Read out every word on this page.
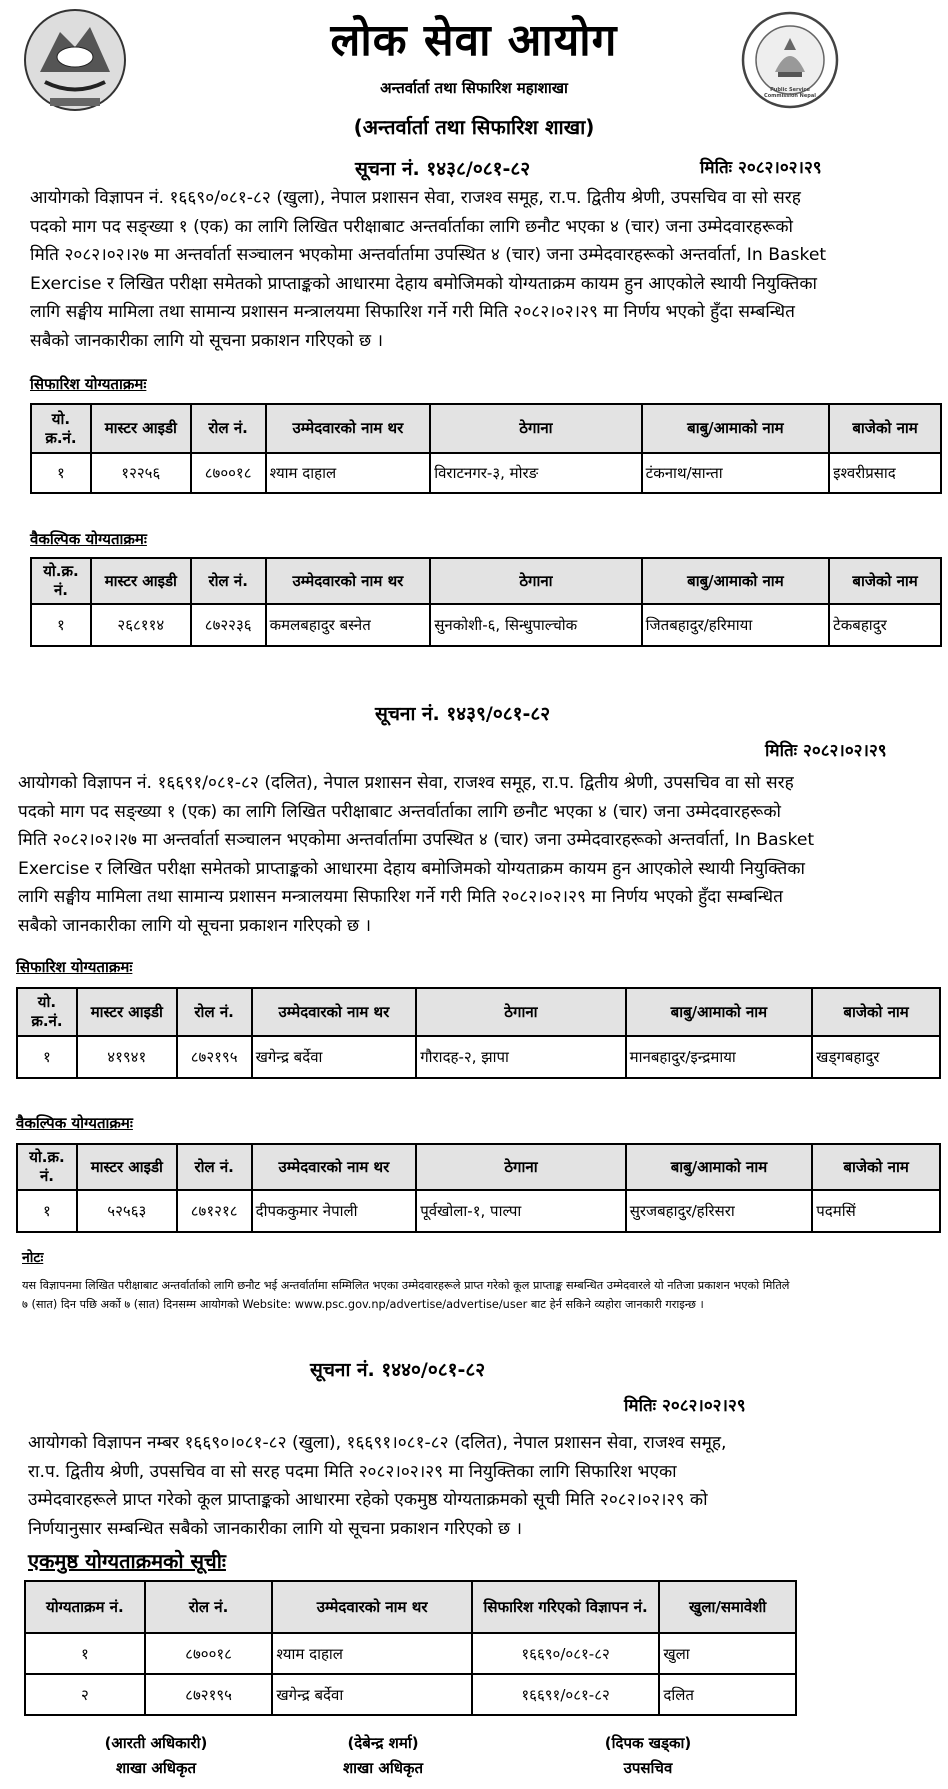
लोक सेवा आयोग
अन्तर्वार्ता तथा सिफारिश महाशाखा
(अन्तर्वार्ता तथा सिफारिश शाखा)
Public Service Commission Nepal
सूचना नं. १४३८/०८१-८२	मितिः २०८२।०२।२९

आयोगको विज्ञापन नं. १६६९०/०८१-८२ (खुला), नेपाल प्रशासन सेवा, राजश्व समूह, रा.प. द्वितीय श्रेणी, उपसचिव वा सो सरह

पदको माग पद सङ्ख्या १ (एक) का लागि लिखित परीक्षाबाट अन्तर्वार्ताका लागि छनौट भएका ४ (चार) जना उम्मेदवारहरूको

मिति २०८२।०२।२७ मा अन्तर्वार्ता सञ्चालन भएकोमा अन्तर्वार्तामा उपस्थित ४ (चार) जना उम्मेदवारहरूको अन्तर्वार्ता, In Basket

Exercise र लिखित परीक्षा समेतको प्राप्ताङ्कको आधारमा देहाय बमोजिमको योग्यताक्रम कायम हुन आएकोले स्थायी नियुक्तिका

लागि सङ्घीय मामिला तथा सामान्य प्रशासन मन्त्रालयमा सिफारिश गर्ने गरी मिति २०८२।०२।२९ मा निर्णय भएको हुँदा सम्बन्धित

सबैको जानकारीका लागि यो सूचना प्रकाशन गरिएको छ ।

सिफारिश योग्यताक्रमः
यो. क्र.नं.	मास्टर आइडी	रोल नं.	उम्मेदवारको नाम थर	ठेगाना	बाबु/आमाको नाम	बाजेको नाम
१	१२२५६	८७००१८	श्याम दाहाल	विराटनगर-३, मोरङ	टंकनाथ/सान्ता	इश्वरीप्रसाद
वैकल्पिक योग्यताक्रमः
यो.क्र. नं.	मास्टर आइडी	रोल नं.	उम्मेदवारको नाम थर	ठेगाना	बाबु/आमाको नाम	बाजेको नाम
१	२६८११४	८७२२३६	कमलबहादुर बस्नेत	सुनकोशी-६, सिन्धुपाल्चोक	जितबहादुर/हरिमाया	टेकबहादुर
सूचना नं. १४३९/०८१-८२
मितिः २०८२।०२।२९

आयोगको विज्ञापन नं. १६६९१/०८१-८२ (दलित), नेपाल प्रशासन सेवा, राजश्व समूह, रा.प. द्वितीय श्रेणी, उपसचिव वा सो सरह

पदको माग पद सङ्ख्या १ (एक) का लागि लिखित परीक्षाबाट अन्तर्वार्ताका लागि छनौट भएका ४ (चार) जना उम्मेदवारहरूको

मिति २०८२।०२।२७ मा अन्तर्वार्ता सञ्चालन भएकोमा अन्तर्वार्तामा उपस्थित ४ (चार) जना उम्मेदवारहरूको अन्तर्वार्ता, In Basket

Exercise र लिखित परीक्षा समेतको प्राप्ताङ्कको आधारमा देहाय बमोजिमको योग्यताक्रम कायम हुन आएकोले स्थायी नियुक्तिका

लागि सङ्घीय मामिला तथा सामान्य प्रशासन मन्त्रालयमा सिफारिश गर्ने गरी मिति २०८२।०२।२९ मा निर्णय भएको हुँदा सम्बन्धित

सबैको जानकारीका लागि यो सूचना प्रकाशन गरिएको छ ।

सिफारिश योग्यताक्रमः
यो. क्र.नं.	मास्टर आइडी	रोल नं.	उम्मेदवारको नाम थर	ठेगाना	बाबु/आमाको नाम	बाजेको नाम
१	४१९४१	८७२१९५	खगेन्द्र बर्देवा	गौरादह-२, झापा	मानबहादुर/इन्द्रमाया	खड्गबहादुर
वैकल्पिक योग्यताक्रमः
यो.क्र. नं.	मास्टर आइडी	रोल नं.	उम्मेदवारको नाम थर	ठेगाना	बाबु/आमाको नाम	बाजेको नाम
१	५२५६३	८७१२१८	दीपककुमार नेपाली	पूर्वखोला-१, पाल्पा	सुरजबहादुर/हरिसरा	पदमसिं
नोटः
यस विज्ञापनमा लिखित परीक्षाबाट अन्तर्वार्ताको लागि छनौट भई अन्तर्वार्तामा सम्मिलित भएका उम्मेदवारहरूले प्राप्त गरेको कूल प्राप्ताङ्क सम्बन्धित उम्मेदवारले यो नतिजा प्रकाशन भएको मितिले
७ (सात) दिन पछि अर्को ७ (सात) दिनसम्म आयोगको Website: www.psc.gov.np/advertise/advertise/user बाट हेर्न सकिने व्यहोरा जानकारी गराइन्छ ।
सूचना नं. १४४०/०८१-८२
मितिः २०८२।०२।२९

आयोगको विज्ञापन नम्बर १६६९०।०८१-८२ (खुला), १६६९१।०८१-८२ (दलित), नेपाल प्रशासन सेवा, राजश्व समूह,

रा.प. द्वितीय श्रेणी, उपसचिव वा सो सरह पदमा मिति २०८२।०२।२९ मा नियुक्तिका लागि सिफारिश भएका

उम्मेदवारहरूले प्राप्त गरेको कूल प्राप्ताङ्कको आधारमा रहेको एकमुष्ठ योग्यताक्रमको सूची मिति २०८२।०२।२९ को

निर्णयानुसार सम्बन्धित सबैको जानकारीका लागि यो सूचना प्रकाशन गरिएको छ ।

एकमुष्ठ योग्यताक्रमको सूचीः
योग्यताक्रम नं.	रोल नं.	उम्मेदवारको नाम थर	सिफारिश गरिएको विज्ञापन नं.	खुला/समावेशी
१	८७००१८	श्याम दाहाल	१६६९०/०८१-८२	खुला
२	८७२१९५	खगेन्द्र बर्देवा	१६६९१/०८१-८२	दलित
(आरती अधिकारी)
शाखा अधिकृत
(देबेन्द्र शर्मा)
शाखा अधिकृत
(दिपक खड्का)
उपसचिव
